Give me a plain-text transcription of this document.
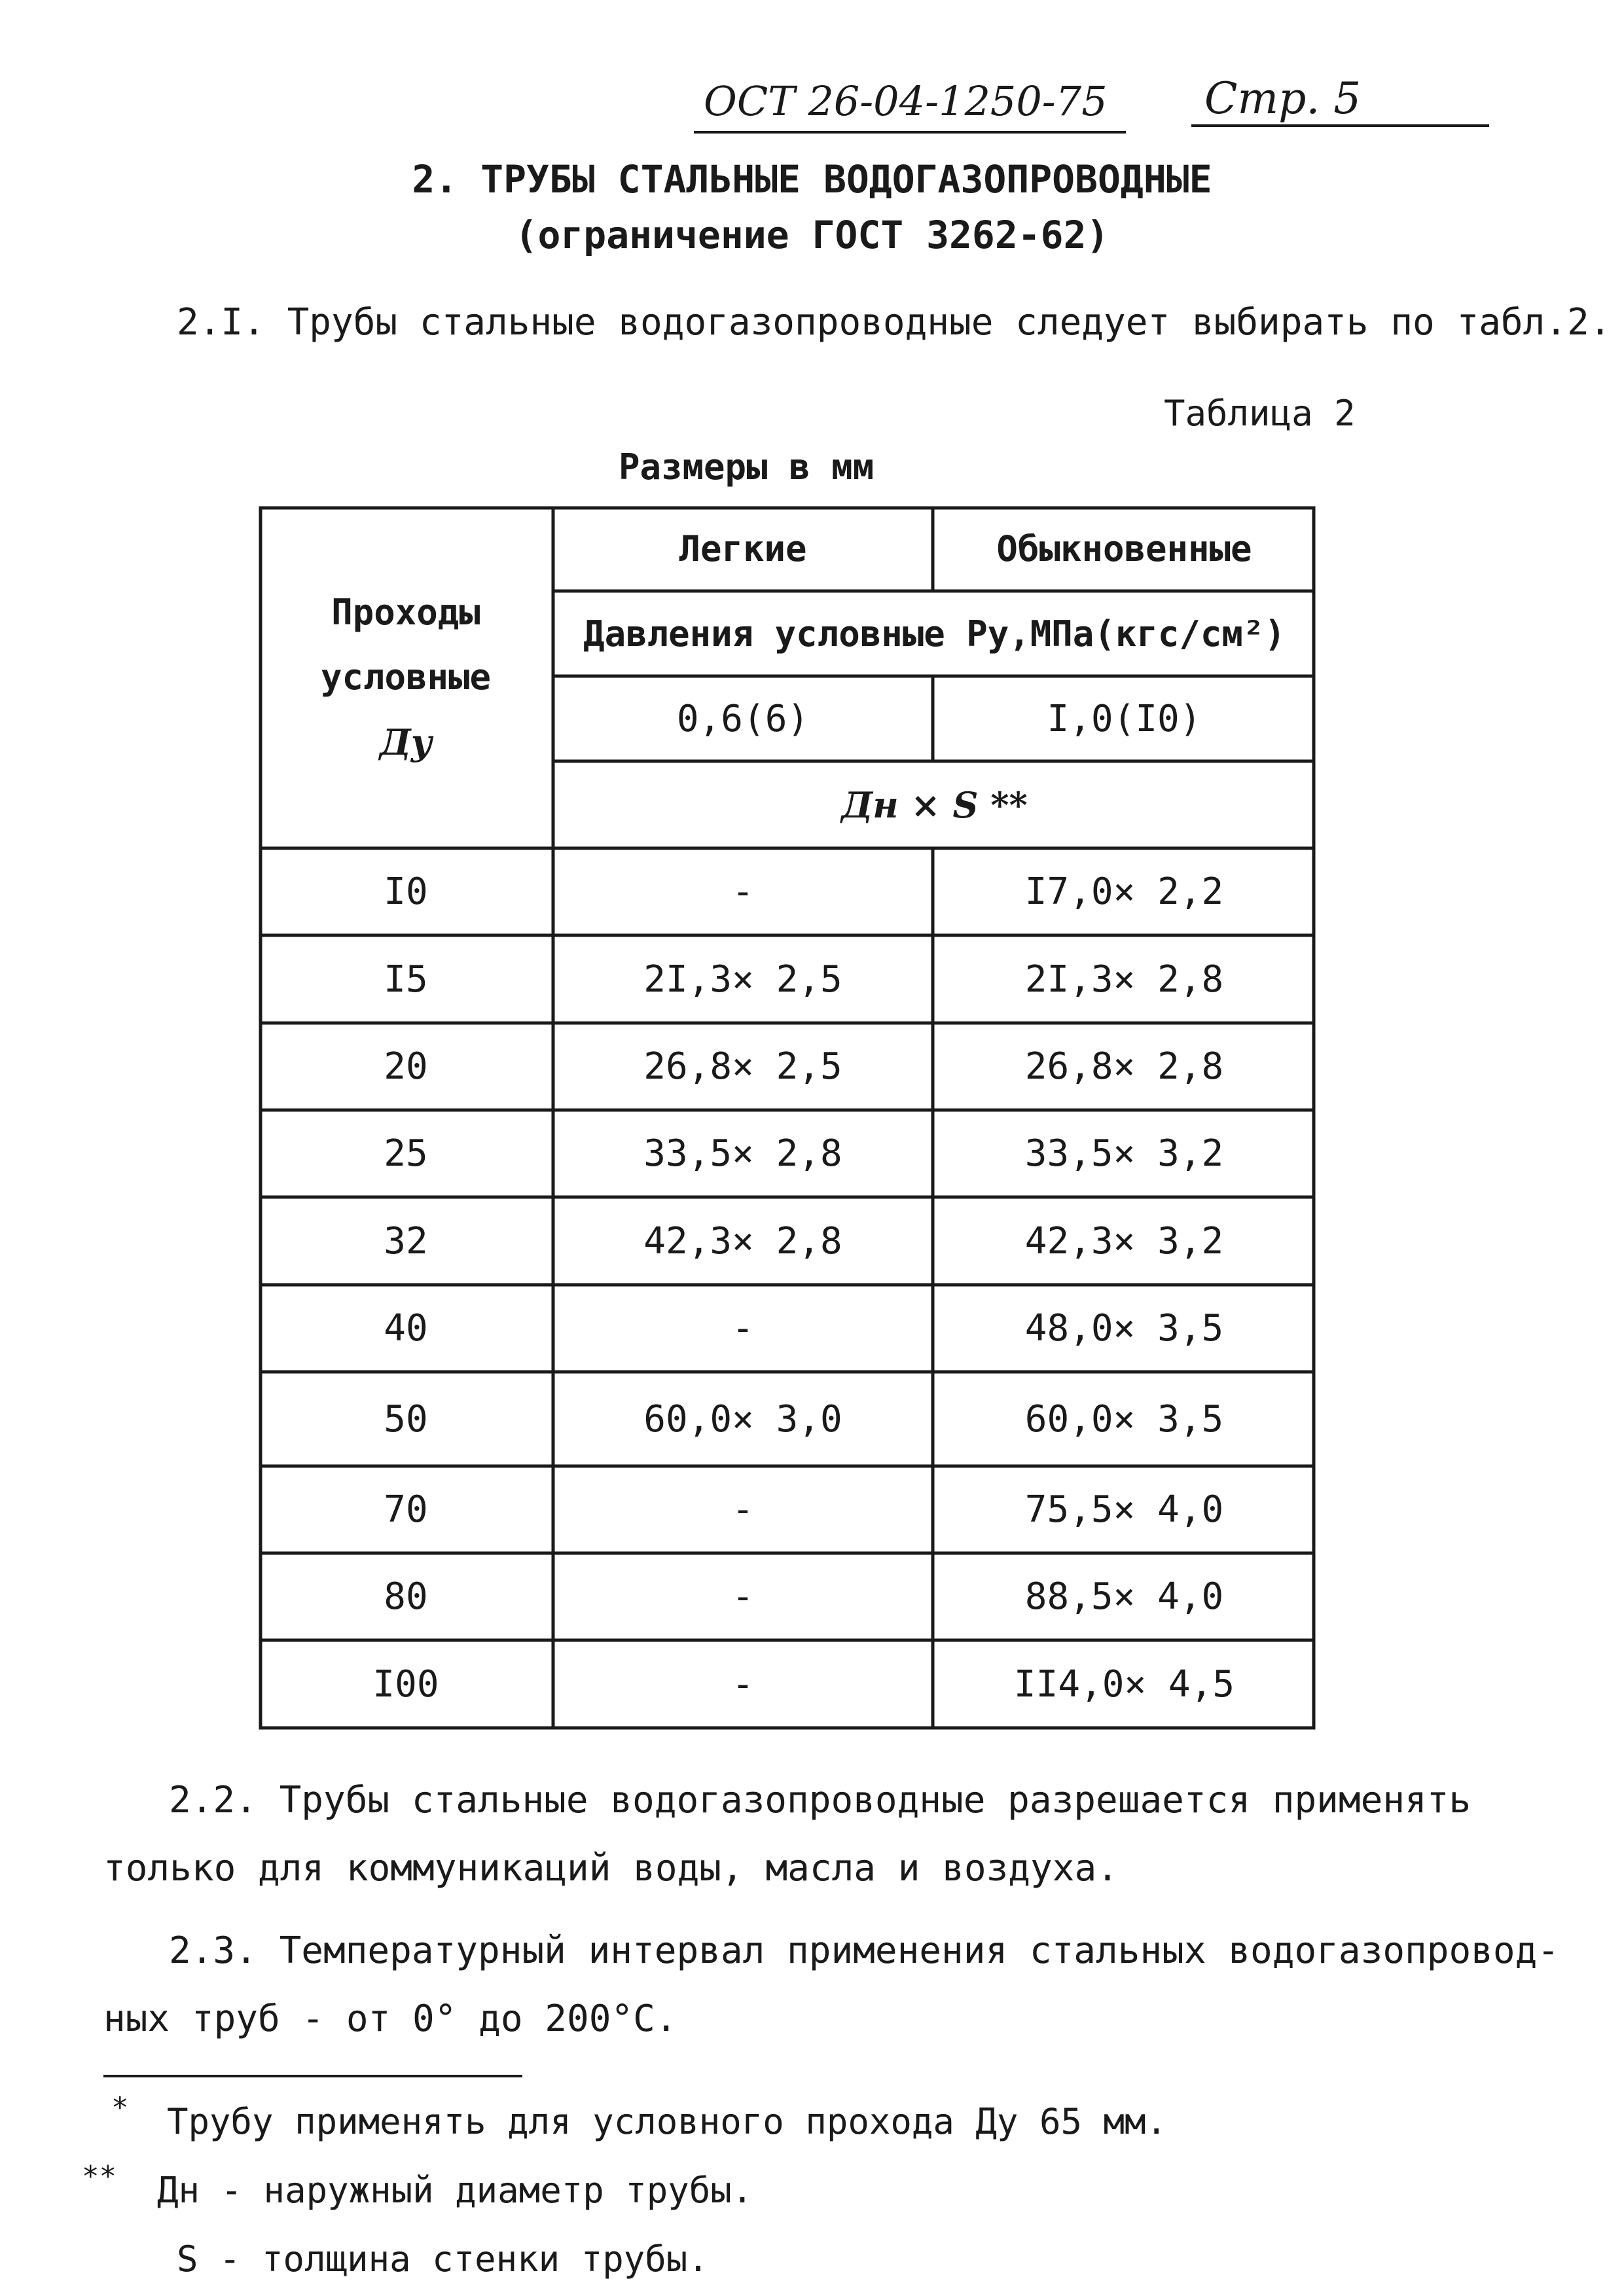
ОСТ 26-04-1250-75 Стр. 5
2. ТРУБЫ СТАЛЬНЫЕ ВОДОГАЗОПРОВОДНЫЕ
(ограничение ГОСТ 3262-62)
2.I. Трубы стальные водогазопроводные следует выбирать по табл.2.
Таблица 2
Размеры в мм
Проходы
условные
Ду
Легкие	Обыкновенные
Давления условные Ру,МПа(кгс/см²)
0,6(6)	I,0(I0)
Дн × S **
I0	-	I7,0× 2,2
I5	2I,3× 2,5	2I,3× 2,8
20	26,8× 2,5	26,8× 2,8
25	33,5× 2,8	33,5× 3,2
32	42,3× 2,8	42,3× 3,2
40	-	48,0× 3,5
50	60,0× 3,0	60,0× 3,5
70	-	75,5× 4,0
80	-	88,5× 4,0
I00	-	II4,0× 4,5
2.2. Трубы стальные водогазопроводные разрешается применять
только для коммуникаций воды, масла и воздуха.
2.3. Температурный интервал применения стальных водогазопровод-
ных труб - от 0° до 200°С.
* Трубу применять для условного прохода Ду 65 мм.
** Дн - наружный диаметр трубы.
S - толщина стенки трубы.
